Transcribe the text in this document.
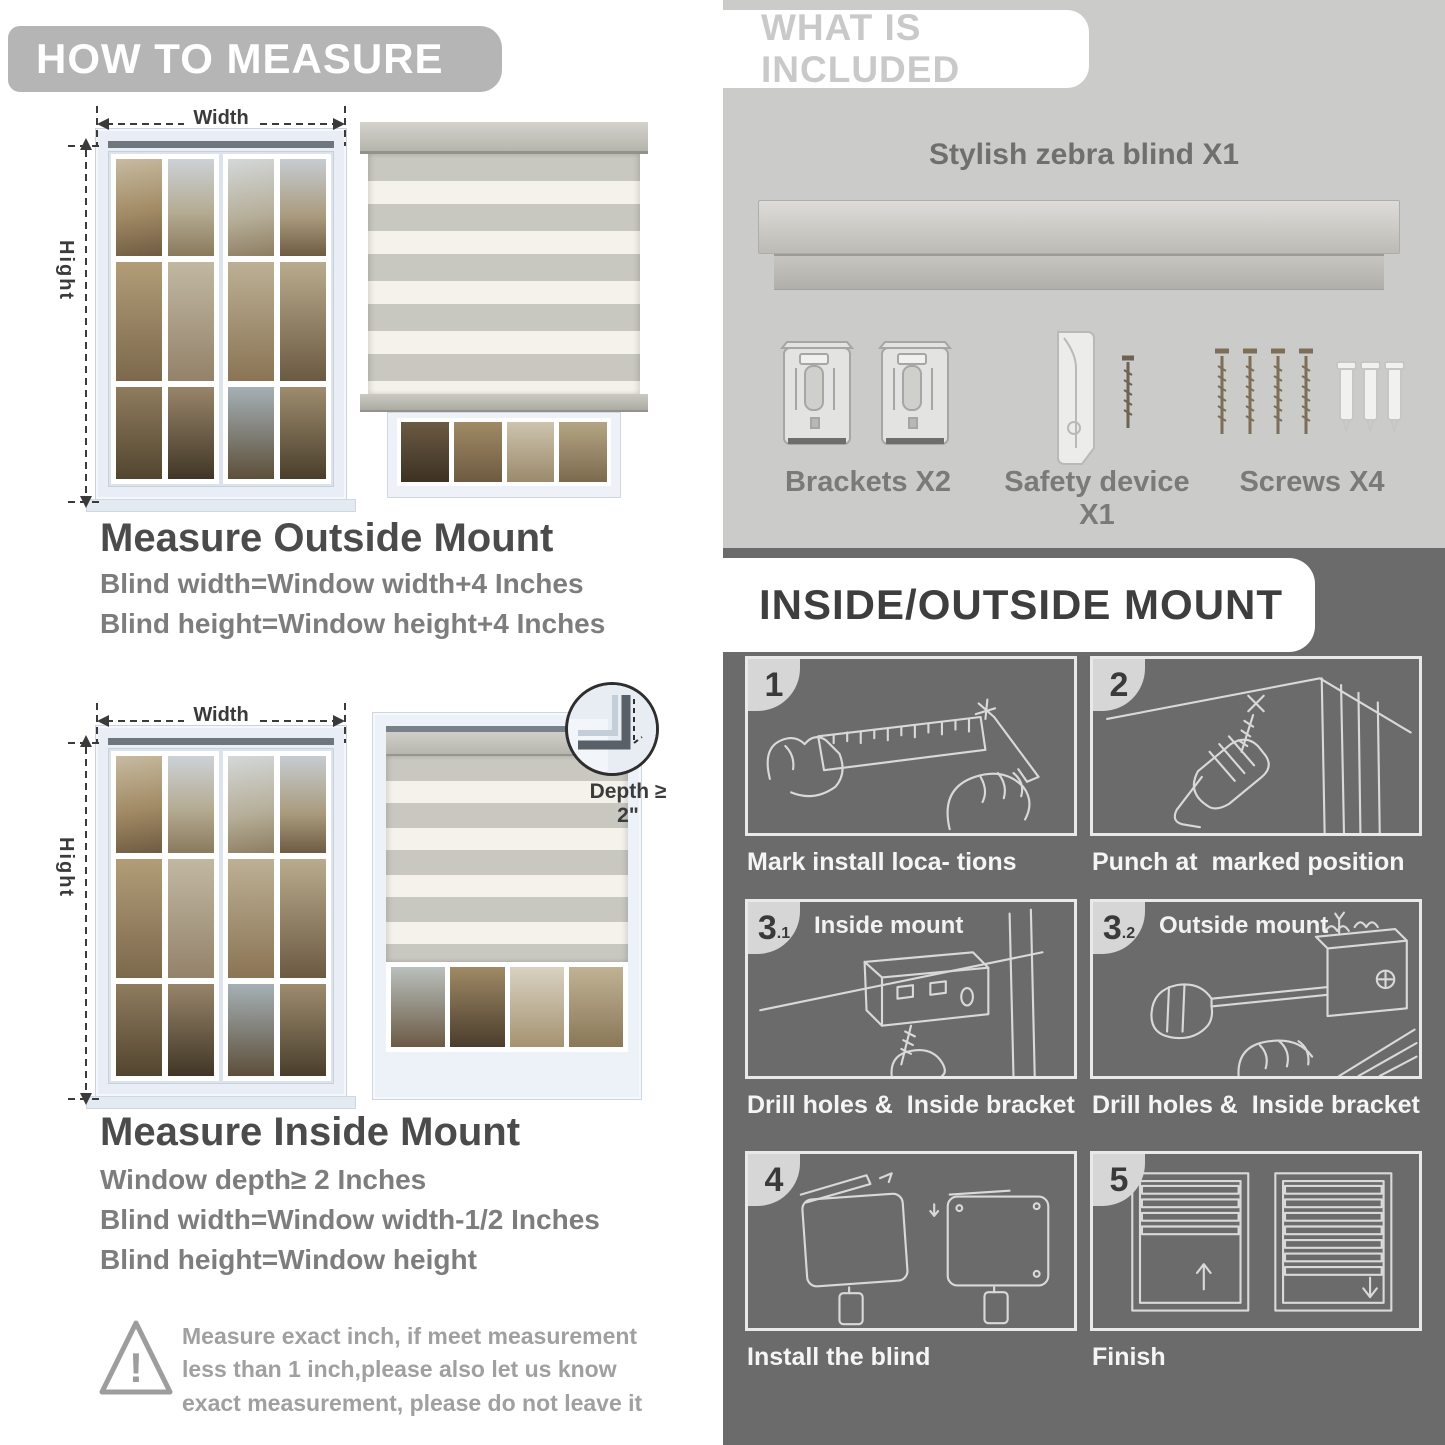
HOW TO MEASURE
Width
Hight
Measure Outside Mount
Blind width=Window width+4 Inches
Blind height=Window height+4 Inches
Width
Hight
Depth ≥ 2"
Measure Inside Mount
Window depth≥ 2 Inches
Blind width=Window width-1/2 Inches
Blind height=Window height
!
Measure exact inch, if meet measurement less than 1 inch,please also let us know exact measurement, please do not leave it
WHAT IS INCLUDED
Stylish zebra blind X1
Brackets X2 Safety device X1
Screws X4
INSIDE/OUTSIDE MOUNT
1
Mark install loca- tions
2
Punch at  marked position
3 .1 Inside mount
Drill holes &  Inside bracket
3 .2 Outside mount
Drill holes &  Inside bracket
4
Install the blind
5
Finish
